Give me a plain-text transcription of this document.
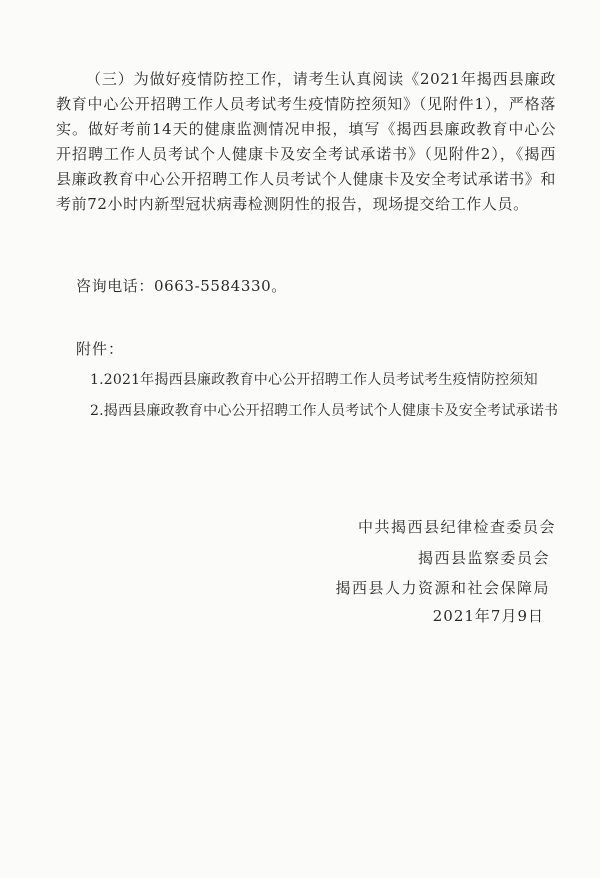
（三）为做好疫情防控工作，请考生认真阅读《2021年揭西县廉政教育中心公开招聘工作人员考试考生疫情防控须知》（见附件1），严格落实。做好考前14天的健康监测情况申报，填写《揭西县廉政教育中心公开招聘工作人员考试个人健康卡及安全考试承诺书》（见附件2），《揭西县廉政教育中心公开招聘工作人员考试个人健康卡及安全考试承诺书》和考前72小时内新型冠状病毒检测阴性的报告，现场提交给工作人员。

咨询电话：0663-5584330。

附件：

1.2021年揭西县廉政教育中心公开招聘工作人员考试考生疫情防控须知

2.揭西县廉政教育中心公开招聘工作人员考试个人健康卡及安全考试承诺书

中共揭西县纪律检查委员会

揭西县监察委员会

揭西县人力资源和社会保障局

2021年7月9日
